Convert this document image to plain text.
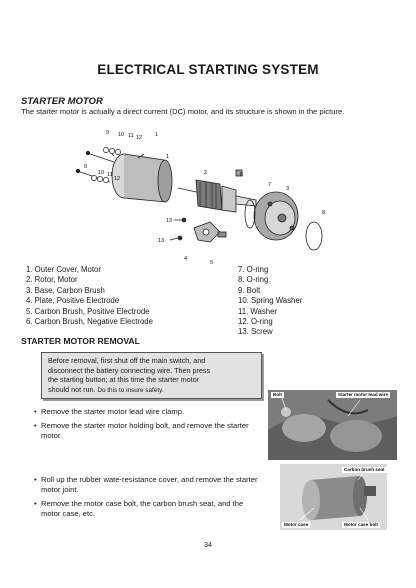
ELECTRICAL STARTING SYSTEM
STARTER MOTOR
The starter motor is actually a direct current (DC) motor, and its structure is shown in the picture.
1
9 10 11 12
1
9
10 11
12
2	6
7
3
8
13
13
4
5
1. Outer Cover, Motor
2. Rotor, Motor
3. Base, Carbon Brush
4. Plate, Positive Electrode
5. Carbon Brush, Positive Electrode
6. Carbon Brush, Negative Electrode
7. O-ring
8. O-ring
9. Bolt
10. Spring Washer
11. Washer
12. O-ring
13. Screw
STARTER MOTOR REMOVAL
Before removal, first shut off the main switch, and
disconnect the battery connecting wire. Then press
the starting button; at this time the starter motor
should not run. Do this to insure safety.
• Remove the starter motor lead wire clamp.
• Remove the starter motor holding bolt, and remove the starter motor.
• Roll up the rubber wate-resistance cover, and remove the starter motor joint.
• Remove the motor case bolt, the carbon brush seat, and the motor case, etc.
Bolt	Starter motor lead wire
Carbon brush seat
Motor case	Motor case bolt
34
